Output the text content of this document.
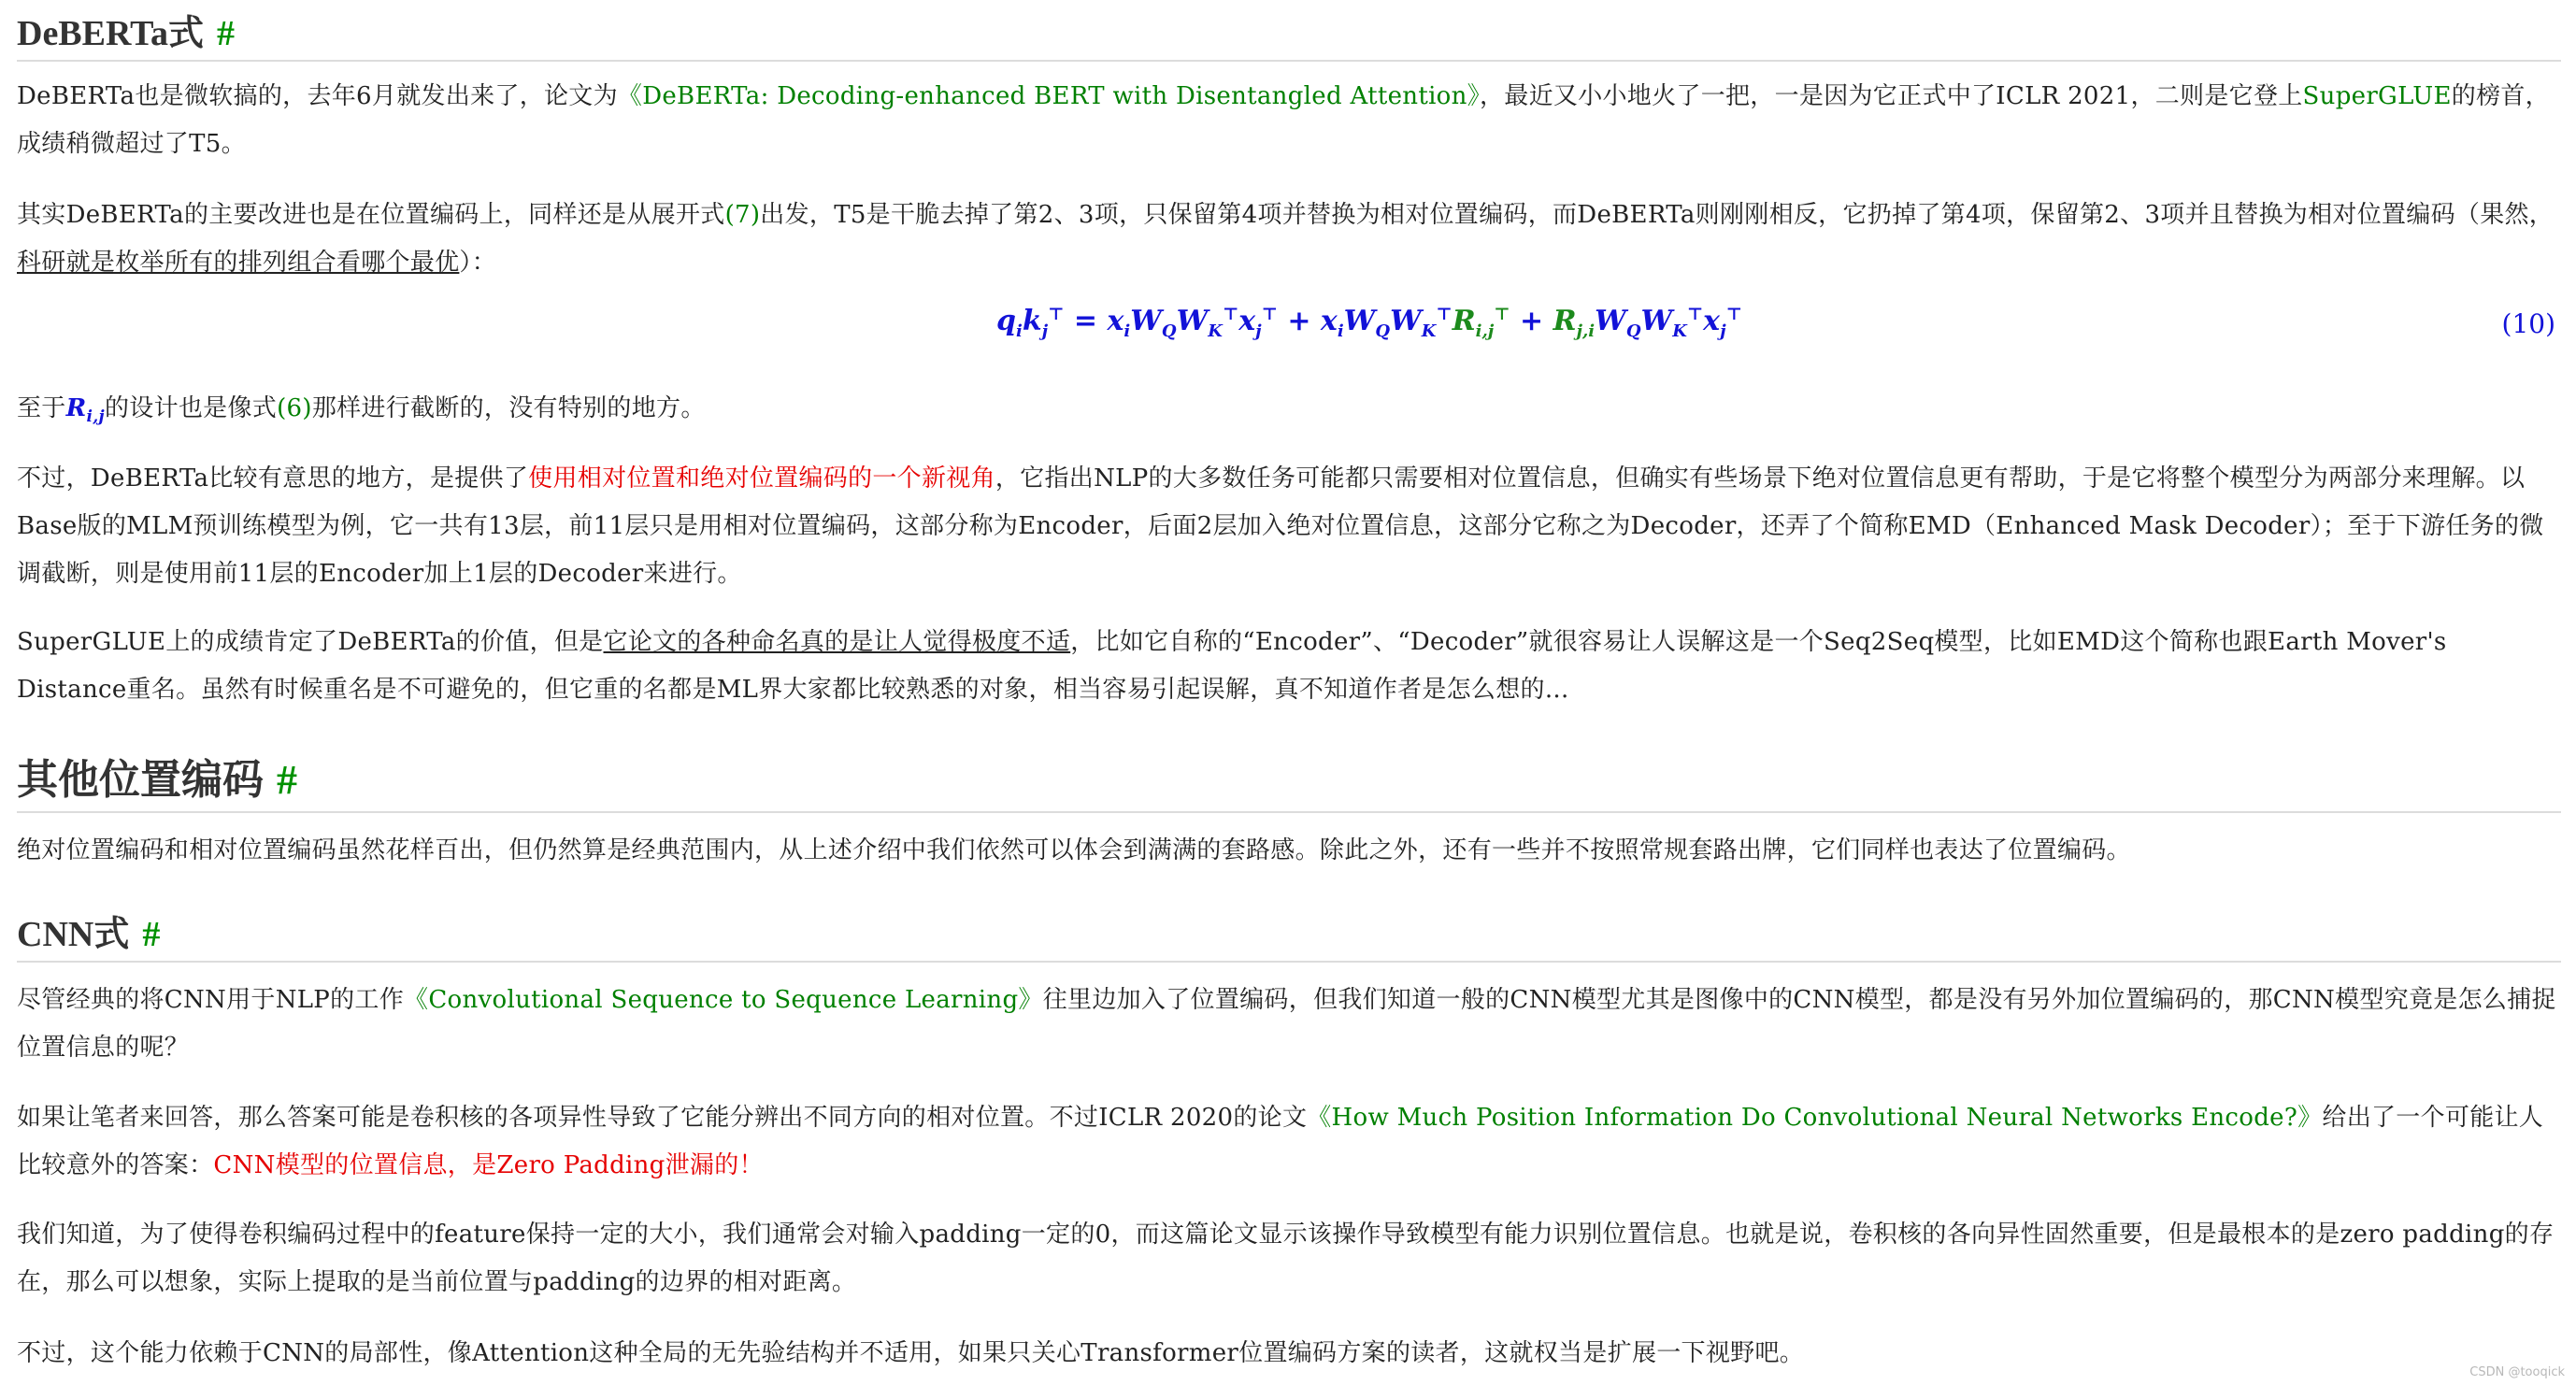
DeBERTa式 #

DeBERTa也是微软搞的，去年6月就发出来了，论文为《DeBERTa: Decoding-enhanced BERT with Disentangled Attention》，最近又小小地火了一把，一是因为它正式中了ICLR 2021，二则是它登上SuperGLUE的榜首，成绩稍微超过了T5。

其实DeBERTa的主要改进也是在位置编码上，同样还是从展开式(7)出发，T5是干脆去掉了第2、3项，只保留第4项并替换为相对位置编码，而DeBERTa则刚刚相反，它扔掉了第4项，保留第2、3项并且替换为相对位置编码（果然，科研就是枚举所有的排列组合看哪个最优）：

$q_ik_j^⊤ = x_iW_QW_K^⊤x_j^⊤ + x_iW_QW_K^⊤R_{i,j}^⊤ + R_{j,i}W_QW_K^⊤x_j^⊤$	(10)

至于$R_{i,j}$的设计也是像式(6)那样进行截断的，没有特别的地方。

不过，DeBERTa比较有意思的地方，是提供了使用相对位置和绝对位置编码的一个新视角，它指出NLP的大多数任务可能都只需要相对位置信息，但确实有些场景下绝对位置信息更有帮助，于是它将整个模型分为两部分来理解。以Base版的MLM预训练模型为例，它一共有13层，前11层只是用相对位置编码，这部分称为Encoder，后面2层加入绝对位置信息，这部分它称之为Decoder，还弄了个简称EMD（Enhanced Mask Decoder）；至于下游任务的微调截断，则是使用前11层的Encoder加上1层的Decoder来进行。

SuperGLUE上的成绩肯定了DeBERTa的价值，但是它论文的各种命名真的是让人觉得极度不适，比如它自称的“Encoder”、“Decoder”就很容易让人误解这是一个Seq2Seq模型，比如EMD这个简称也跟Earth Mover's Distance重名。虽然有时候重名是不可避免的，但它重的名都是ML界大家都比较熟悉的对象，相当容易引起误解，真不知道作者是怎么想的...

其他位置编码 #

绝对位置编码和相对位置编码虽然花样百出，但仍然算是经典范围内，从上述介绍中我们依然可以体会到满满的套路感。除此之外，还有一些并不按照常规套路出牌，它们同样也表达了位置编码。

CNN式 #

尽管经典的将CNN用于NLP的工作《Convolutional Sequence to Sequence Learning》往里边加入了位置编码，但我们知道一般的CNN模型尤其是图像中的CNN模型，都是没有另外加位置编码的，那CNN模型究竟是怎么捕捉位置信息的呢？

如果让笔者来回答，那么答案可能是卷积核的各项异性导致了它能分辨出不同方向的相对位置。不过ICLR 2020的论文《How Much Position Information Do Convolutional Neural Networks Encode?》给出了一个可能让人比较意外的答案：CNN模型的位置信息，是Zero Padding泄漏的！

我们知道，为了使得卷积编码过程中的feature保持一定的大小，我们通常会对输入padding一定的0，而这篇论文显示该操作导致模型有能力识别位置信息。也就是说，卷积核的各向异性固然重要，但是最根本的是zero padding的存在，那么可以想象，实际上提取的是当前位置与padding的边界的相对距离。

不过，这个能力依赖于CNN的局部性，像Attention这种全局的无先验结构并不适用，如果只关心Transformer位置编码方案的读者，这就权当是扩展一下视野吧。

CSDN @tooqick
